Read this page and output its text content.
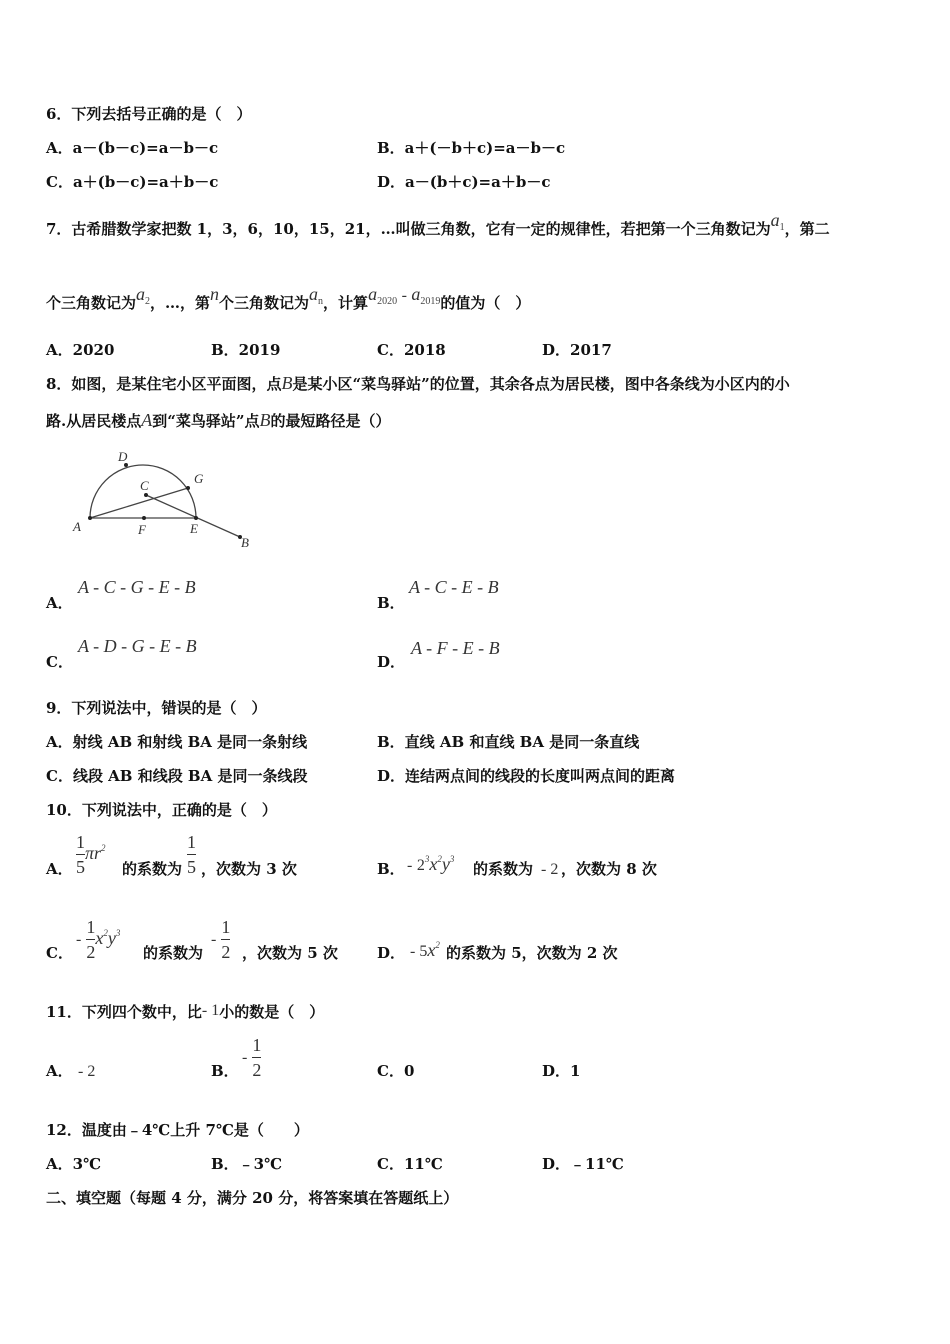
6．下列去括号正确的是（　）
A．a－(b－c)=a－b－c	B．a＋(－b＋c)=a－b－c
C．a＋(b－c)=a＋b－c	D．a－(b＋c)=a＋b－c
7．古希腊数学家把数 1，3，6，10，15，21，…叫做三角数，它有一定的规律性，若把第一个三角数记为$a_1$，第二
个三角数记为$a_2$，…，第n个三角数记为$a_n$，计算$a_{2020} - a_{2019}$的值为（　）
A．2020	B．2019	C．2018	D．2017
8．如图，是某住宅小区平面图，点B是某小区“菜鸟驿站”的位置，其余各点为居民楼，图中各条线为小区内的小
路.从居民楼点A到“菜鸟驿站”点B的最短路径是（）
D
G
C
A	F	E
B
A．
A - C - G - E - B
B．
A - C - E - B
C．
A - D - G - E - B
D．
A - F - E - B
9．下列说法中，错误的是（　）
A．射线 AB 和射线 BA 是同一条射线	B．直线 AB 和直线 BA 是同一条直线
C．线段 AB 和线段 BA 是同一条线段	D．连结两点间的线段的长度叫两点间的距离
10．下列说法中，正确的是（　）
A． $\frac{1}{5} \pi r^2$
的系数为 $\frac{1}{5}$ ，次数为 3 次	B． - $2^3x^2y^3$
的系数为 - 2 ，次数为 8 次
C．
- $\frac{1}{2} x^2y^3$
的系数为
- $\frac{1}{2}$ ，次数为 5 次	D． - $5x^2$ 的系数为 5，次数为 2 次
11．下列四个数中，比- 1小的数是（　）
A． - 2	B．
- $\frac{1}{2}$	C．0	D．1
12．温度由﹣4℃上升 7℃是（　　）
A．3℃	B．﹣3℃	C．11℃	D．﹣11℃
二、填空题（每题 4 分，满分 20 分，将答案填在答题纸上）
